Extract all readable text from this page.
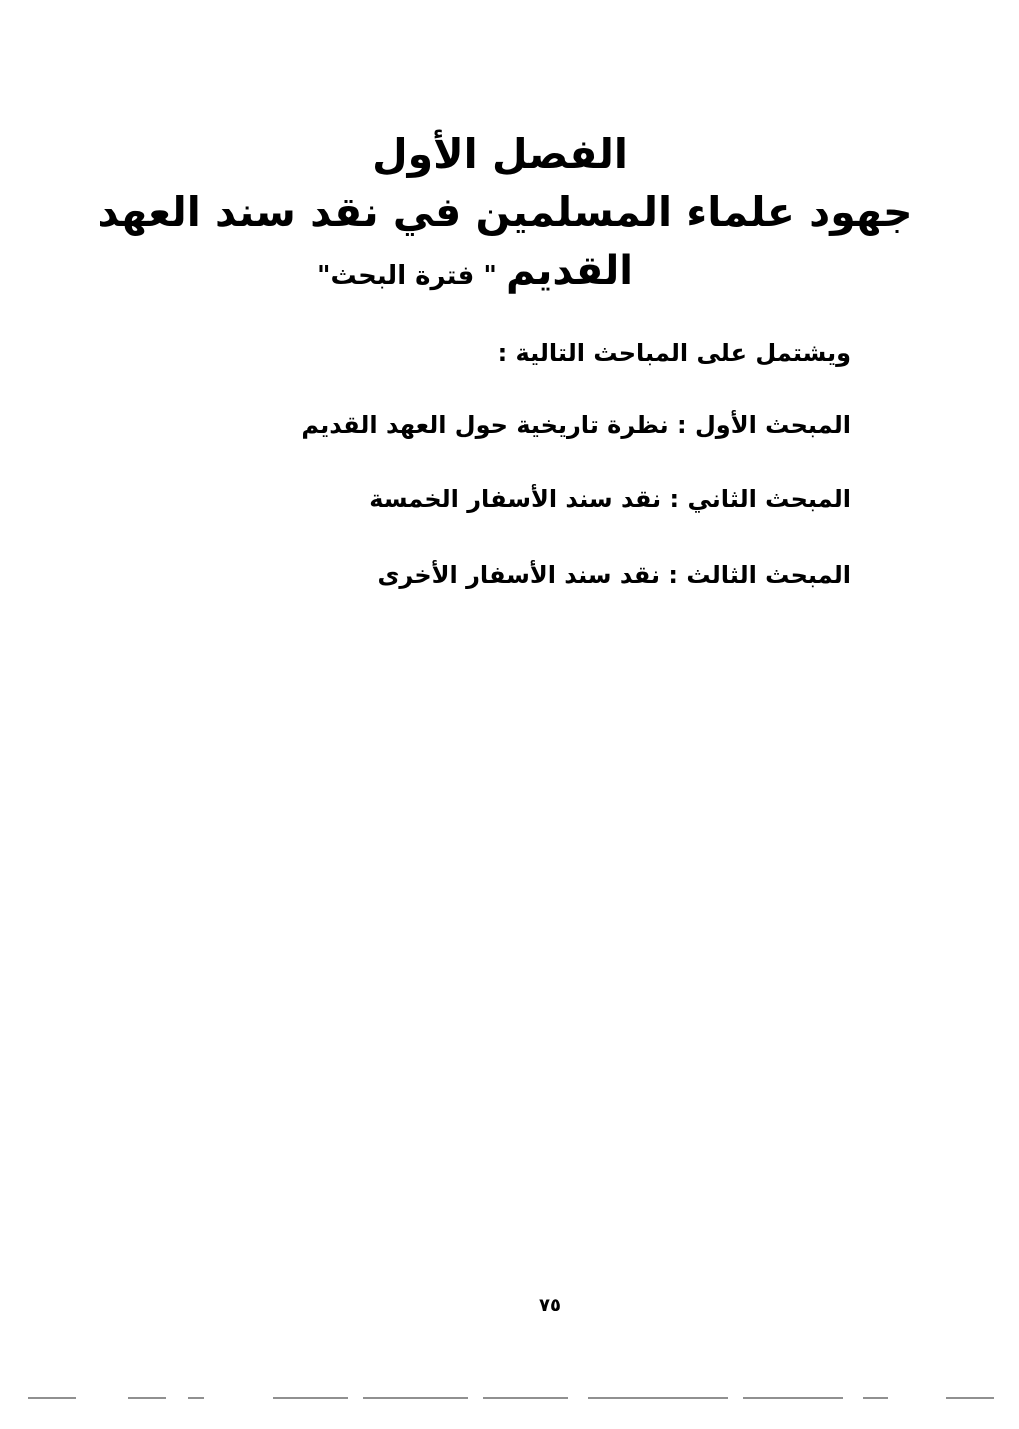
الفصل الأول
جهود علماء المسلمين في نقد سند العهد
القديم " فترة البحث"
ويشتمل على المباحث التالية :
المبحث الأول : نظرة تاريخية حول العهد القديم
المبحث الثاني : نقد سند الأسفار الخمسة
المبحث الثالث : نقد سند الأسفار الأخرى
٧٥
